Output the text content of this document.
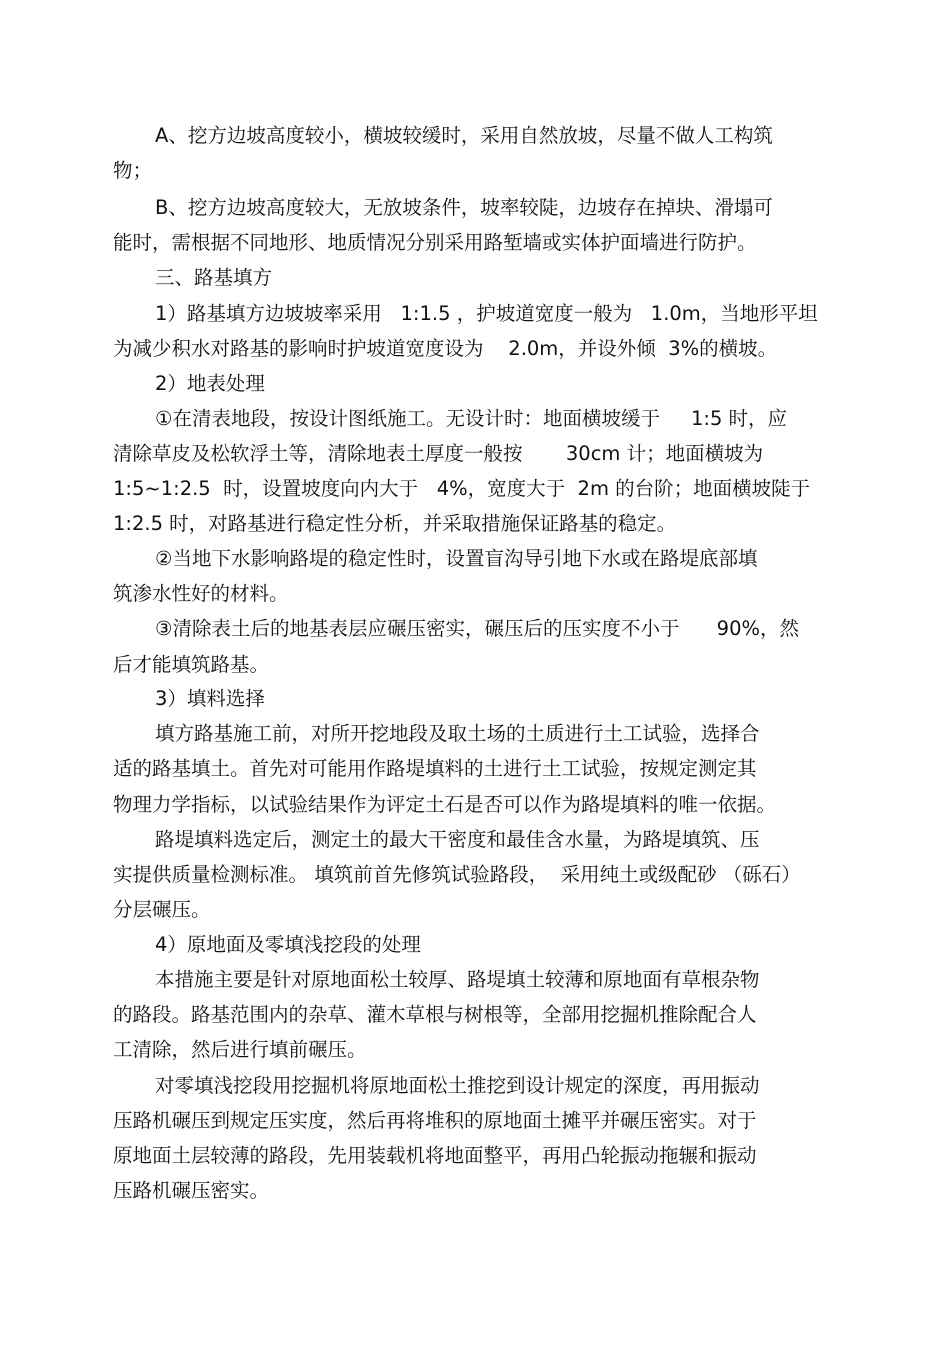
A、挖方边坡高度较小，横坡较缓时，采用自然放坡，尽量不做人工构筑
物；
B、挖方边坡高度较大，无放坡条件，坡率较陡，边坡存在掉块、滑塌可
能时，需根据不同地形、地质情况分别采用路堑墙或实体护面墙进行防护。
三、路基填方
1）路基填方边坡坡率采用   1:1.5 ，护坡道宽度一般为   1.0m，当地形平坦
为减少积水对路基的影响时护坡道宽度设为    2.0m，并设外倾  3%的横坡。
2）地表处理
①在清表地段，按设计图纸施工。无设计时：地面横坡缓于     1:5 时，应
清除草皮及松软浮土等，清除地表土厚度一般按       30cm 计；地面横坡为
1:5~1:2.5  时，设置坡度向内大于   4%，宽度大于  2m 的台阶；地面横坡陡于
1:2.5 时，对路基进行稳定性分析，并采取措施保证路基的稳定。
②当地下水影响路堤的稳定性时，设置盲沟导引地下水或在路堤底部填
筑渗水性好的材料。
③清除表土后的地基表层应碾压密实，碾压后的压实度不小于      90%，然
后才能填筑路基。
3）填料选择
填方路基施工前，对所开挖地段及取土场的土质进行土工试验，选择合
适的路基填土。首先对可能用作路堤填料的土进行土工试验，按规定测定其
物理力学指标，以试验结果作为评定土石是否可以作为路堤填料的唯一依据。
路堤填料选定后，测定土的最大干密度和最佳含水量，为路堤填筑、压
实提供质量检测标准。 填筑前首先修筑试验路段，  采用纯土或级配砂 （砾石）
分层碾压。
4）原地面及零填浅挖段的处理
本措施主要是针对原地面松土较厚、路堤填土较薄和原地面有草根杂物
的路段。路基范围内的杂草、灌木草根与树根等，全部用挖掘机推除配合人
工清除，然后进行填前碾压。
对零填浅挖段用挖掘机将原地面松土推挖到设计规定的深度，再用振动
压路机碾压到规定压实度，然后再将堆积的原地面土摊平并碾压密实。对于
原地面土层较薄的路段，先用装载机将地面整平，再用凸轮振动拖辗和振动
压路机碾压密实。
